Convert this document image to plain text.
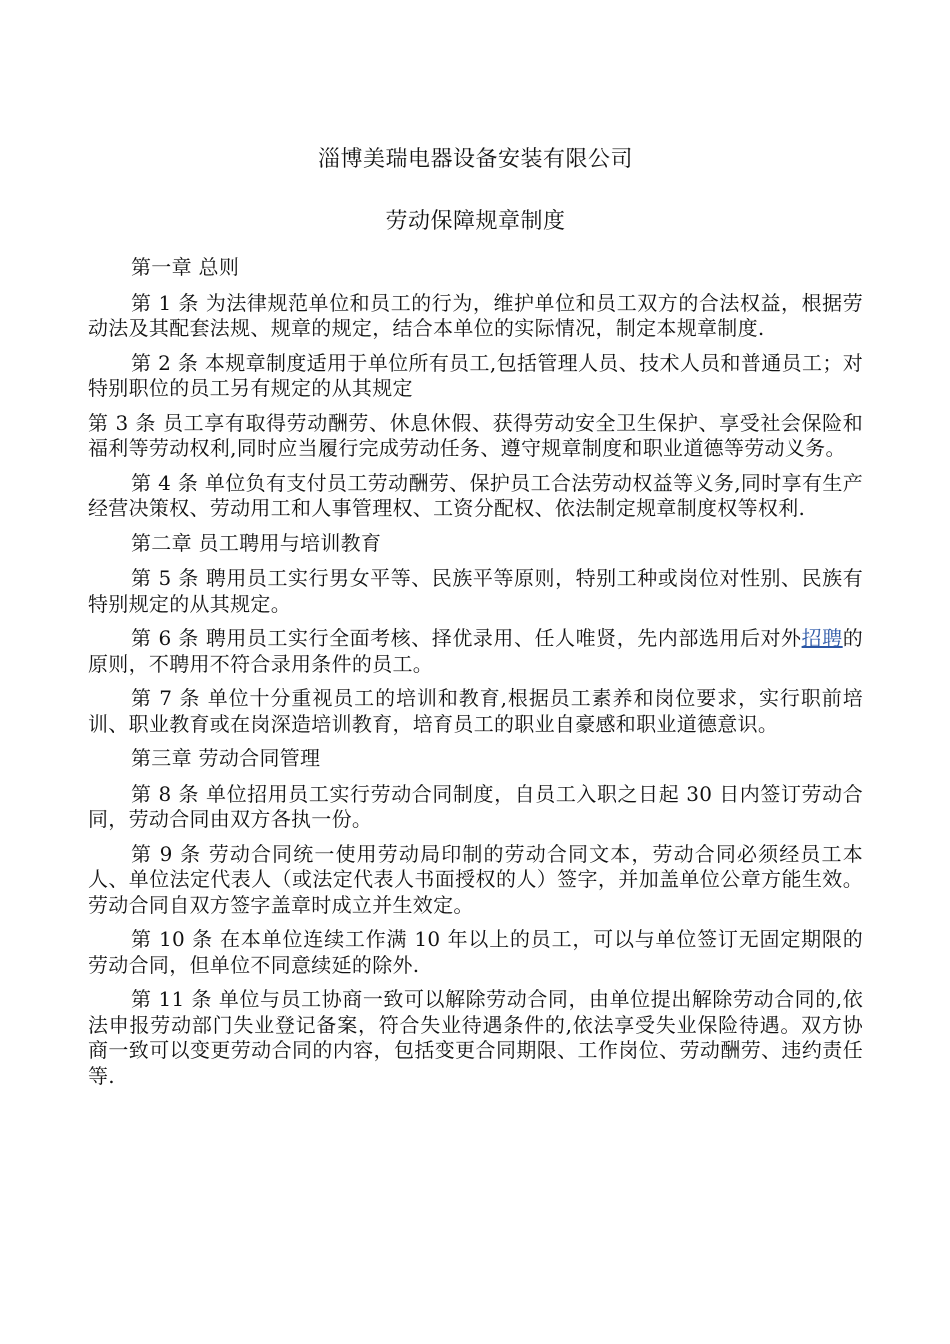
淄博美瑞电器设备安装有限公司
劳动保障规章制度

第一章 总则

第 1 条 为法律规范单位和员工的行为，维护单位和员工双方的合法权益，根据劳动法及其配套法规、规章的规定，结合本单位的实际情况，制定本规章制度.

第 2 条 本规章制度适用于单位所有员工,包括管理人员、技术人员和普通员工；对特别职位的员工另有规定的从其规定

第 3 条 员工享有取得劳动酬劳、休息休假、获得劳动安全卫生保护、享受社会保险和福利等劳动权利,同时应当履行完成劳动任务、遵守规章制度和职业道德等劳动义务。

第 4 条 单位负有支付员工劳动酬劳、保护员工合法劳动权益等义务,同时享有生产经营决策权、劳动用工和人事管理权、工资分配权、依法制定规章制度权等权利.

第二章 员工聘用与培训教育

第 5 条 聘用员工实行男女平等、民族平等原则，特别工种或岗位对性别、民族有特别规定的从其规定。

第 6 条 聘用员工实行全面考核、择优录用、任人唯贤，先内部选用后对外招聘的原则，不聘用不符合录用条件的员工。

第 7 条 单位十分重视员工的培训和教育,根据员工素养和岗位要求，实行职前培训、职业教育或在岗深造培训教育，培育员工的职业自豪感和职业道德意识。

第三章 劳动合同管理

第 8 条 单位招用员工实行劳动合同制度，自员工入职之日起 30 日内签订劳动合同，劳动合同由双方各执一份。

第 9 条 劳动合同统一使用劳动局印制的劳动合同文本，劳动合同必须经员工本人、单位法定代表人（或法定代表人书面授权的人）签字，并加盖单位公章方能生效。劳动合同自双方签字盖章时成立并生效定。

第 10 条 在本单位连续工作满 10 年以上的员工，可以与单位签订无固定期限的劳动合同，但单位不同意续延的除外.

第 11 条 单位与员工协商一致可以解除劳动合同，由单位提出解除劳动合同的,依法申报劳动部门失业登记备案，符合失业待遇条件的,依法享受失业保险待遇。双方协商一致可以变更劳动合同的内容，包括变更合同期限、工作岗位、劳动酬劳、违约责任等.
